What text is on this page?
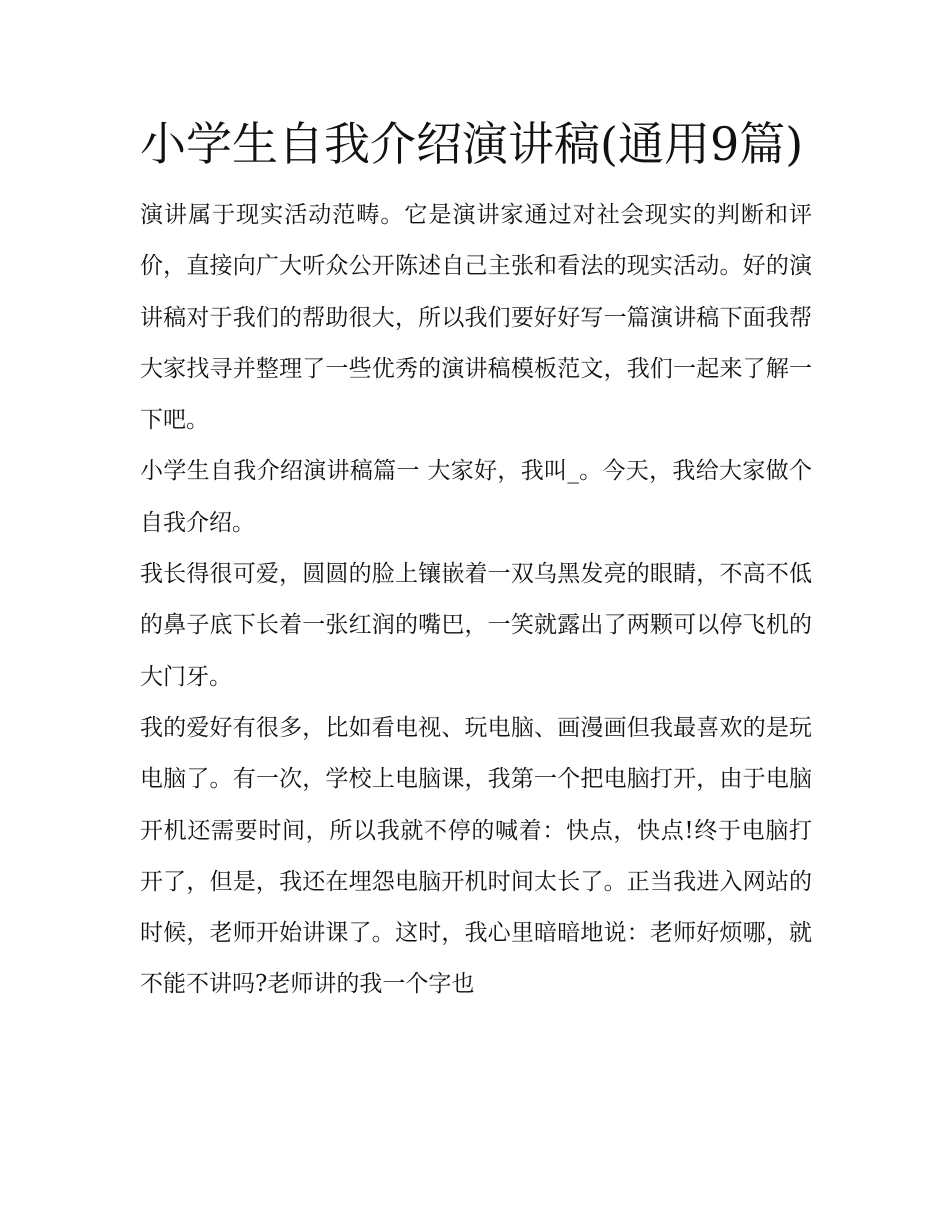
小学生自我介绍演讲稿(通用9篇)

演讲属于现实活动范畴。它是演讲家通过对社会现实的判断和评价，直接向广大听众公开陈述自己主张和看法的现实活动。好的演讲稿对于我们的帮助很大，所以我们要好好写一篇演讲稿下面我帮大家找寻并整理了一些优秀的演讲稿模板范文，我们一起来了解一下吧。

小学生自我介绍演讲稿篇一 大家好，我叫_。今天，我给大家做个自我介绍。

我长得很可爱，圆圆的脸上镶嵌着一双乌黑发亮的眼睛，不高不低的鼻子底下长着一张红润的嘴巴，一笑就露出了两颗可以停飞机的大门牙。

我的爱好有很多，比如看电视、玩电脑、画漫画但我最喜欢的是玩电脑了。有一次，学校上电脑课，我第一个把电脑打开，由于电脑开机还需要时间，所以我就不停的喊着：快点，快点!终于电脑打开了，但是，我还在埋怨电脑开机时间太长了。正当我进入网站的时候，老师开始讲课了。这时，我心里暗暗地说：老师好烦哪，就不能不讲吗?老师讲的我一个字也
